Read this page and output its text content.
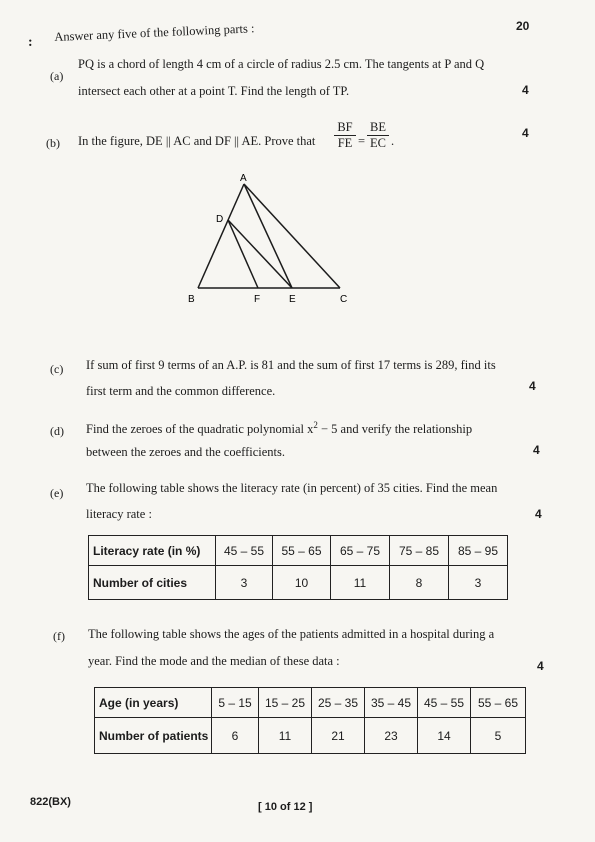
: Answer any five of the following parts :	20
(a)
PQ is a chord of length 4 cm of a circle of radius 2.5 cm. The tangents at P and Q
intersect each other at a point T. Find the length of TP.	4
(b) In the figure, DE || AC and DF || AE. Prove that $\frac{BF}{FE} = \frac{BE}{EC}$ .
4
A
D
B	F	E	C
(c) If sum of first 9 terms of an A.P. is 81 and the sum of first 17 terms is 289, find its
first term and the common difference.	4
(d) Find the zeroes of the quadratic polynomial $x^2 - 5$ and verify the relationship
between the zeroes and the coefficients.	4
(e) The following table shows the literacy rate (in percent) of 35 cities. Find the mean
literacy rate :	4
Literacy rate (in %)	45 – 55	55 – 65	65 – 75	75 – 85	85 – 95
Number of cities	3	10	11	8	3
(f) The following table shows the ages of the patients admitted in a hospital during a
year. Find the mode and the median of these data :	4
Age (in years)	5 – 15	15 – 25	25 – 35	35 – 45	45 – 55	55 – 65
Number of patients	6	11	21	23	14	5
822(BX)	[ 10 of 12 ]
